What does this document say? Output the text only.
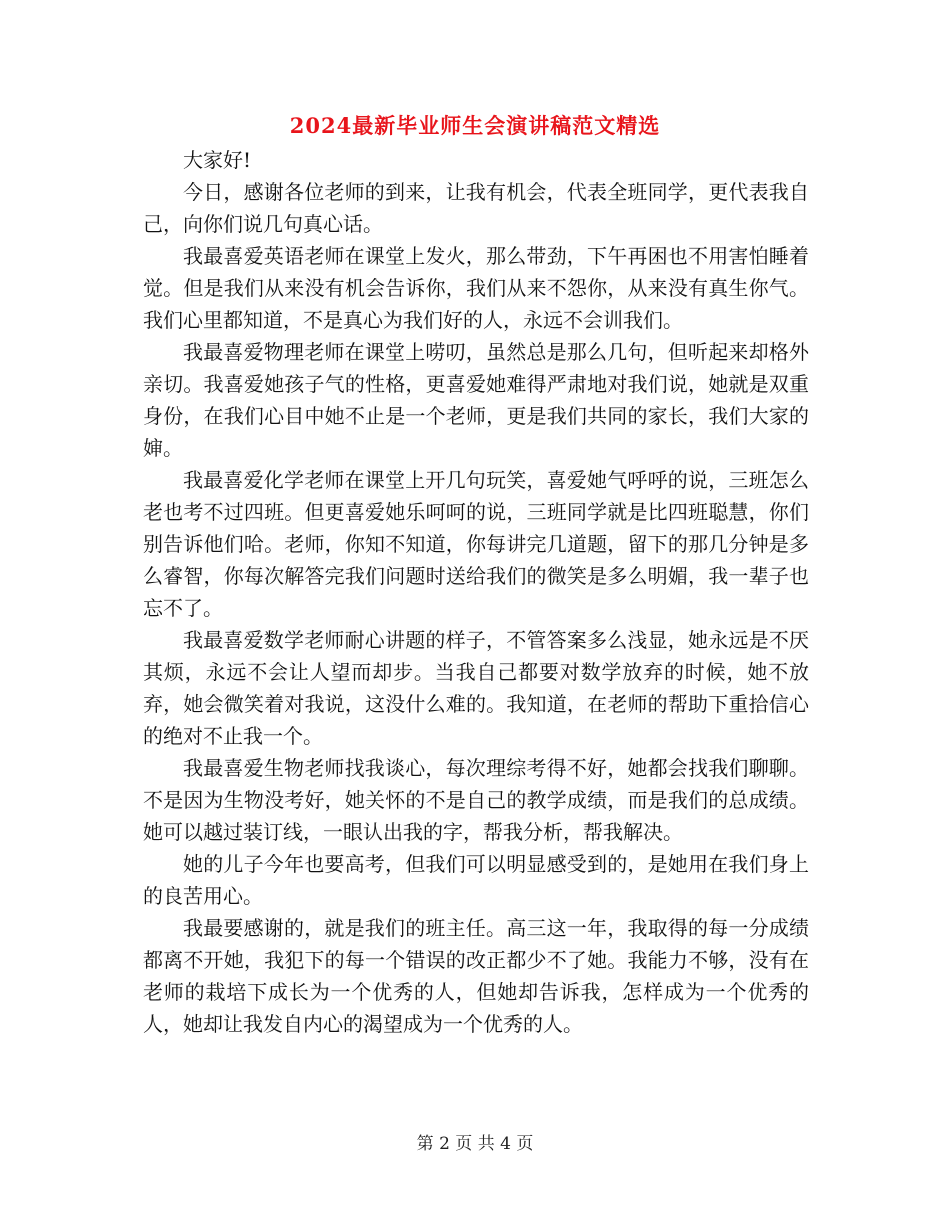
2024最新毕业师生会演讲稿范文精选

大家好!

今日，感谢各位老师的到来，让我有机会，代表全班同学，更代表我自己，向你们说几句真心话。

我最喜爱英语老师在课堂上发火，那么带劲，下午再困也不用害怕睡着觉。但是我们从来没有机会告诉你，我们从来不怨你，从来没有真生你气。我们心里都知道，不是真心为我们好的人，永远不会训我们。

我最喜爱物理老师在课堂上唠叨，虽然总是那么几句，但听起来却格外亲切。我喜爱她孩子气的性格，更喜爱她难得严肃地对我们说，她就是双重身份，在我们心目中她不止是一个老师，更是我们共同的家长，我们大家的婶。

我最喜爱化学老师在课堂上开几句玩笑，喜爱她气呼呼的说，三班怎么老也考不过四班。但更喜爱她乐呵呵的说，三班同学就是比四班聪慧，你们别告诉他们哈。老师，你知不知道，你每讲完几道题，留下的那几分钟是多么睿智，你每次解答完我们问题时送给我们的微笑是多么明媚，我一辈子也忘不了。

我最喜爱数学老师耐心讲题的样子，不管答案多么浅显，她永远是不厌其烦，永远不会让人望而却步。当我自己都要对数学放弃的时候，她不放弃，她会微笑着对我说，这没什么难的。我知道，在老师的帮助下重拾信心的绝对不止我一个。

我最喜爱生物老师找我谈心，每次理综考得不好，她都会找我们聊聊。不是因为生物没考好，她关怀的不是自己的教学成绩，而是我们的总成绩。她可以越过装订线，一眼认出我的字，帮我分析，帮我解决。

她的儿子今年也要高考，但我们可以明显感受到的，是她用在我们身上的良苦用心。

我最要感谢的，就是我们的班主任。高三这一年，我取得的每一分成绩都离不开她，我犯下的每一个错误的改正都少不了她。我能力不够，没有在老师的栽培下成长为一个优秀的人，但她却告诉我，怎样成为一个优秀的人，她却让我发自内心的渴望成为一个优秀的人。

第 2 页 共 4 页
